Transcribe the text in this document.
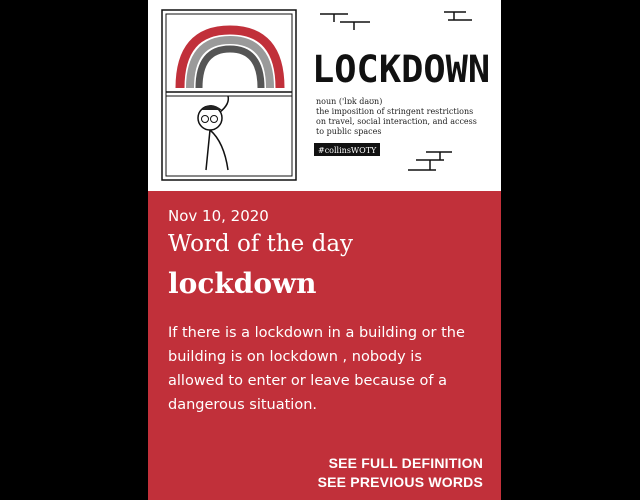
LOCKDOWN
noun ('lɒk daʊn)
the imposition of stringent restrictions
on travel, social interaction, and access
to public spaces
#collinsWOTY
Nov 10, 2020
Word of the day
lockdown
If there is a lockdown in a building or the building is on lockdown , nobody is allowed to enter or leave because of a dangerous situation.
SEE FULL DEFINITION
SEE PREVIOUS WORDS
